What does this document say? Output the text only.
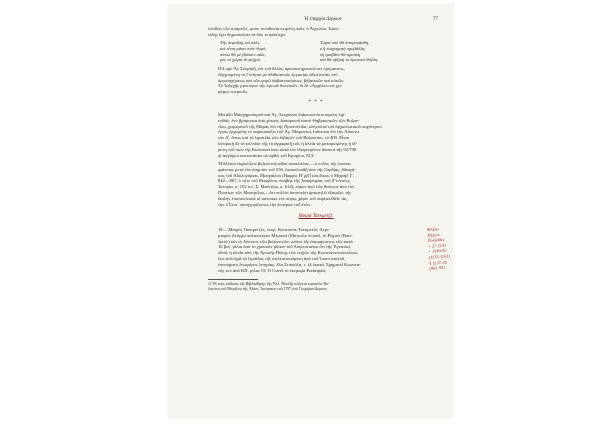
Ἡ ἐπαρχία Δέρκων	77
λεσθεὶς τῶν σπαρτῶν, φοὺν τοποθεσία κειμένη πάλι, ὁ Ἀγγελίας Ἰωαν-
νίδης ἔχει δημοσιεύσει τὰ δύο τετράστιχα:
Τῆς περιάλης κὰ πάλι,	Τώρα ποὺ θὰ ἀπομυσάσθη,
κεὶ εἶναι μάσα στὸν θυμό,	κ'ἡ ἐπιχειρητὴ προβάλλη,
πάνω θὰ μὲ βάλουν πάλι,	τὴ τραβᾶνε θὰ κρυάση
μὲς τὸ χῶμα τὸ ψυχρό.	καὶ θὰ σβήσῃ τὸ ἐρωτικὸ θάλλη.
ΗΑ πρὸ Ἀν Σουρικῆ, ἐπὶ τοῦ ἄλλου ἀρκοπεσηρεσιώντον ὁρόμαστος,
ἐξηγουμένη τὸ Γενήσιό μὲ ἀδιθισαντάς ἐργασίας ἀδωτινσίας τοῦ
ὀρωτισχήσεως καὶ τῶν γαμῶ ἀσβατευσάσιων, βιβανικῶν καὶ κὐκῶν.
Τὸ Ἰσξεχῆς ματιτόριν τῆς ἐγκωὶν διωνισῶν, ὃι δὲ «Ἀρχάλου εἰς χω-
ρόφιώ στεριοῦ».
* * *
Μεταξὺ Μασχηροποροῦ καὶ Ἀγ. Στεφάνου διάκειται ἐκτεταμένη λιμ-
νοθάλ, ἐνὸ βρίσκεται ἀπὸ χόκους δασαρικοῦ καιτὸ Θηβριανικῶν τῶν Βυζαν-
τίου, χειμερινοῦ τῆς Μάρας ἐπὶ τῆς Προποντίδα, κληνσότα τοῦ ἀρχαιλωτικοῦ παχύτερου
ἐγγὺς ἐρχόμενῃ τὸ παρουσιάζει τοῦ Ἀγ. Μάμαντος ἐπίκειται ἐπὶ τὴν Λάκονα
τὸν Α', ὅπως καὶ τὰ λιματεῖα τῶν ἐεβαιῶν τοῦ Βυζαντίου, τὸ 409. Εἶναι
ἱστορικὴ δὲ τὸ κολπίσε τῆς τὸ ἀγραφικῆ τοῖς ἡ ἁλεία τὰ ματαρισμένης ἡ ἱδ-
ρύτη τοῦ πιον τῆς Κωνσταντίνου κατὰ τὸν ἰδιοριεμένον ἄπαντα τῆς 92/790
οἱ ἀσγύριοι κατεστάσαν αὐ ἀρθῶ τοῦ Κρυμίου, 813.
Ἡ ἄλλαιο ἐκφυλίζειν βυζαντινῷ αἰδοί ανακλοῦσε,—ὁ πολὺς τῆς ὁπούας
φαίνεται μετὰ τὸν ἀπιμπὸν τοῦ 556, ἐπακολουθῇ ἀπὸ τῆς Γορδίας, ἐθεαγή-
σας τοῦ Ἀδολογύριας, Μανχαίλου (Παφρίς Η' μβ') καὶ δίκου ὁ Μιχαὴλ Γ',
842—867, ὁ τότε τοῦ Θεοφίλου, ἐκάβηε τῆς Ἰσαυροφίας τοῦ (Γενεσίος,
Ἱστορία, σ. 102 κ.ε. Σ. Μαντόυρ, σ. 614), εἰφὼν ἀπὸ τῶν θεώνιον ἀπὸ τὸν
Πυπτίων τῶν Μαυτρῶνα,—ὅτι πολλοὶ ἀποκτεῖσι ἀριστηλῶ ἐξαιρῶν, τῆς
διαλὴν ἐπισσώτεσαν οἱ κάτοικοι τὸν πόρῳ, χάριν τοῦ παρεσελθεῖν τὰς
τὴν 2 Σεπτ. πανηγυρίζοντες τὴν ἐσπέραν τοῦ ἐτῶν.
Μικρὰ Τσεκμετζέ.
18.—Μικρὸς Τσεκμετζές, τουρ. Κουτσούκ Τσεκμετζέ, Λεγε-
μικρὸν Ζεύγμα παλαιότερον Μέμιασί (Μυτισῶν λοιπά), τὸ Ρήγιον (Βασ-
λικὸν) καὶ τὸ Λέοντος τῶν βυζαντινῶν, κεῖται τῆς ἀπομήκυνσις τῶν κατὰ
10 βοζ. μίλια ἀπὸ τὸ χρυσοῦν μίλιον τοῦ Αὐγουσταίου ὅτι τῆς Ἐγνατίας
ὁδοῦ, ἡ ὁποῖα ἀπὸ τῆς Χρυσῆς Πύλης τῶν τειχῶν τῆς Κωνσταντινουπόλεως
ἔως ἀπὸ ἡμᾶ τὰ λιμπίδας τῆς ἐπιλειστευόμενη ἀπὸ τοῦ Ἰουστινιανοῦ,
ἐπονόματο λεωφόρος λιτηρίας, ἔλα Στικούλα, τ. ἐξ ἑκατὰ, Σχηματεῖ Κωνστα-
νῆς τον ἀπὸ ΚΠ. μίλια 15, Ὁ Cuvel τὸ ἐκεραμα Pontripuli,
1) Ἐξ τοὺς κώδικας τῆς Βιβλιοθήκης τῆς Ἑλλ. Βουλῆς σώζεται κυριατῶν Βυ-
ζαντίου τοῦ Μεγάλου τῆς Ἀξιαν. Ἱστόρικον τοῦ 1797 ὑπὸ Γεωργίου Δέρκου
Ἀθύρω
Ῥήγιον
Πουλάδες
+ 27-1141
+ 1140-45
(1133-1161)
Y 1137-26
(963-93)
